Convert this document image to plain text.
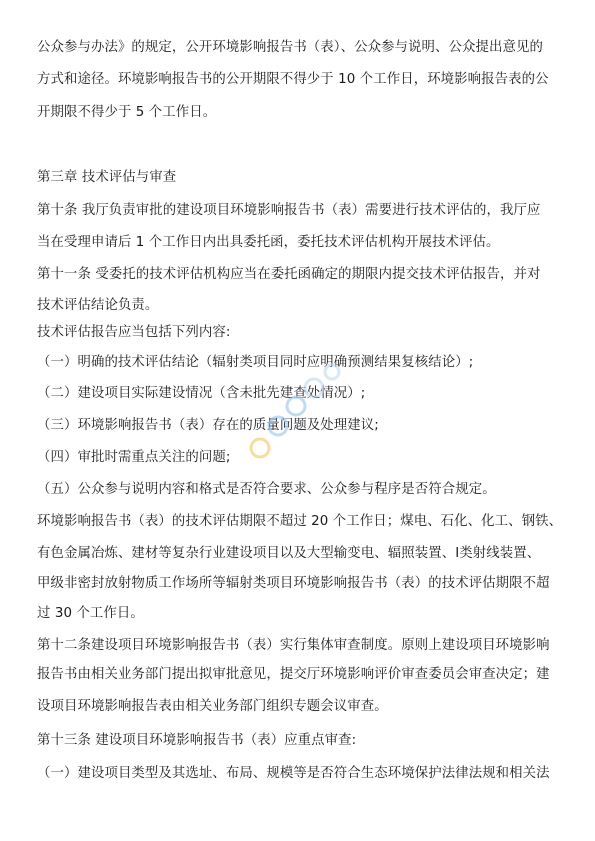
公众参与办法》的规定，公开环境影响报告书（表）、公众参与说明、公众提出意见的
方式和途径。环境影响报告书的公开期限不得少于 10 个工作日，环境影响报告表的公
开期限不得少于 5 个工作日。
第三章 技术评估与审查
第十条 我厅负责审批的建设项目环境影响报告书（表）需要进行技术评估的，我厅应
当在受理申请后 1 个工作日内出具委托函，委托技术评估机构开展技术评估。
第十一条 受委托的技术评估机构应当在委托函确定的期限内提交技术评估报告，并对
技术评估结论负责。
技术评估报告应当包括下列内容:
（一）明确的技术评估结论（辐射类项目同时应明确预测结果复核结论）;
（二）建设项目实际建设情况（含未批先建查处情况）;
（三）环境影响报告书（表）存在的质量问题及处理建议;
（四）审批时需重点关注的问题;
（五）公众参与说明内容和格式是否符合要求、公众参与程序是否符合规定。
环境影响报告书（表）的技术评估期限不超过 20 个工作日；煤电、石化、化工、钢铁、
有色金属冶炼、建材等复杂行业建设项目以及大型输变电、辐照装置、Ⅰ类射线装置、
甲级非密封放射物质工作场所等辐射类项目环境影响报告书（表）的技术评估期限不超
过 30 个工作日。
第十二条建设项目环境影响报告书（表）实行集体审查制度。原则上建设项目环境影响
报告书由相关业务部门提出拟审批意见，提交厅环境影响评价审查委员会审查决定；建
设项目环境影响报告表由相关业务部门组织专题会议审查。
第十三条 建设项目环境影响报告书（表）应重点审查:
（一）建设项目类型及其选址、布局、规模等是否符合生态环境保护法律法规和相关法
